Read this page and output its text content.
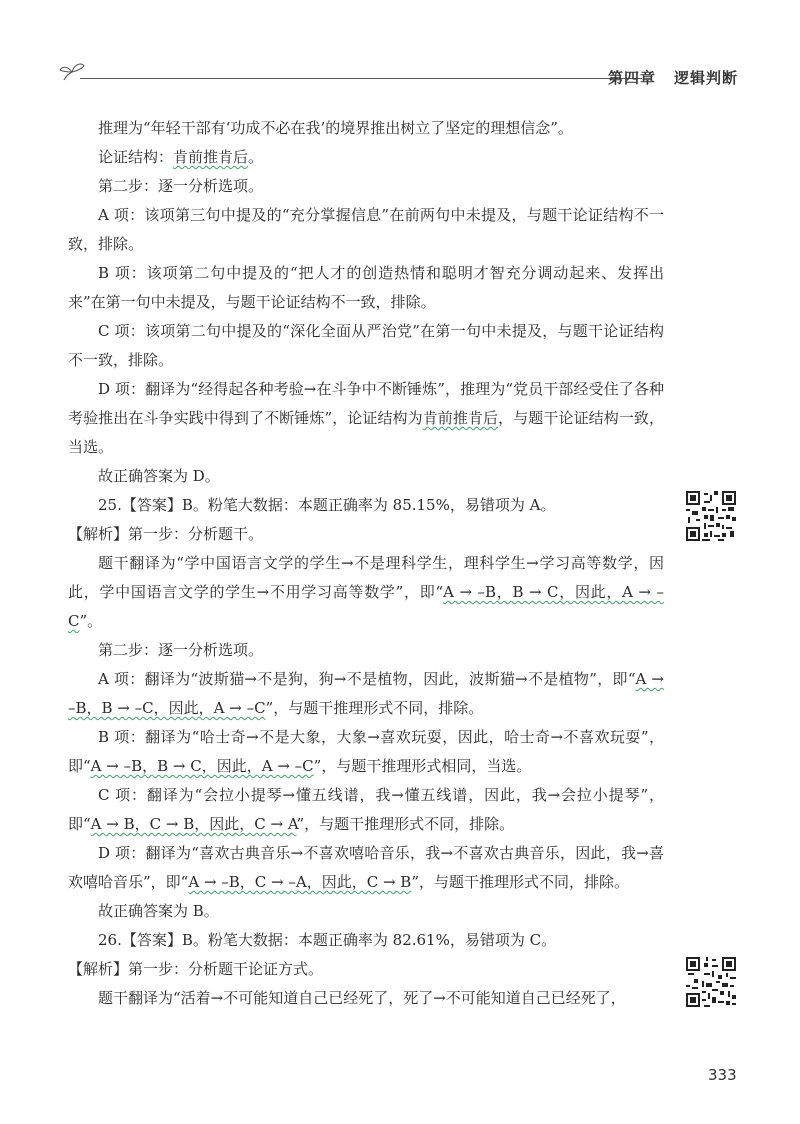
第四章 逻辑判断

推理为“年轻干部有‘功成不必在我’的境界推出树立了坚定的理想信念”。

论证结构：肯前推肯后。

第二步：逐一分析选项。

A 项：该项第三句中提及的“充分掌握信息”在前两句中未提及，与题干论证结构不一致，排除。

B 项：该项第二句中提及的“把人才的创造热情和聪明才智充分调动起来、发挥出来”在第一句中未提及，与题干论证结构不一致，排除。

C 项：该项第二句中提及的“深化全面从严治党”在第一句中未提及，与题干论证结构不一致，排除。

D 项：翻译为“经得起各种考验→在斗争中不断锤炼”，推理为“党员干部经受住了各种考验推出在斗争实践中得到了不断锤炼”，论证结构为肯前推肯后，与题干论证结构一致，当选。

故正确答案为 D。

25.【答案】B。粉笔大数据：本题正确率为 85.15%，易错项为 A。

【解析】第一步：分析题干。

题干翻译为“学中国语言文学的学生→不是理科学生，理科学生→学习高等数学，因此，学中国语言文学的学生→不用学习高等数学”，即“A → –B，B → C，因此，A → –C”。

第二步：逐一分析选项。

A 项：翻译为“波斯猫→不是狗，狗→不是植物，因此，波斯猫→不是植物”，即“A → –B，B → –C，因此，A → –C”，与题干推理形式不同，排除。

B 项：翻译为“哈士奇→不是大象，大象→喜欢玩耍，因此，哈士奇→不喜欢玩耍”，即“A → –B，B → C，因此，A → –C”，与题干推理形式相同，当选。

C 项：翻译为“会拉小提琴→懂五线谱，我→懂五线谱，因此，我→会拉小提琴”，即“A → B，C → B，因此，C → A”，与题干推理形式不同，排除。

D 项：翻译为“喜欢古典音乐→不喜欢嘻哈音乐，我→不喜欢古典音乐，因此，我→喜欢嘻哈音乐”，即“A → –B，C → –A，因此，C → B”，与题干推理形式不同，排除。

故正确答案为 B。

26.【答案】B。粉笔大数据：本题正确率为 82.61%，易错项为 C。

【解析】第一步：分析题干论证方式。

题干翻译为“活着→不可能知道自己已经死了，死了→不可能知道自己已经死了，

333
